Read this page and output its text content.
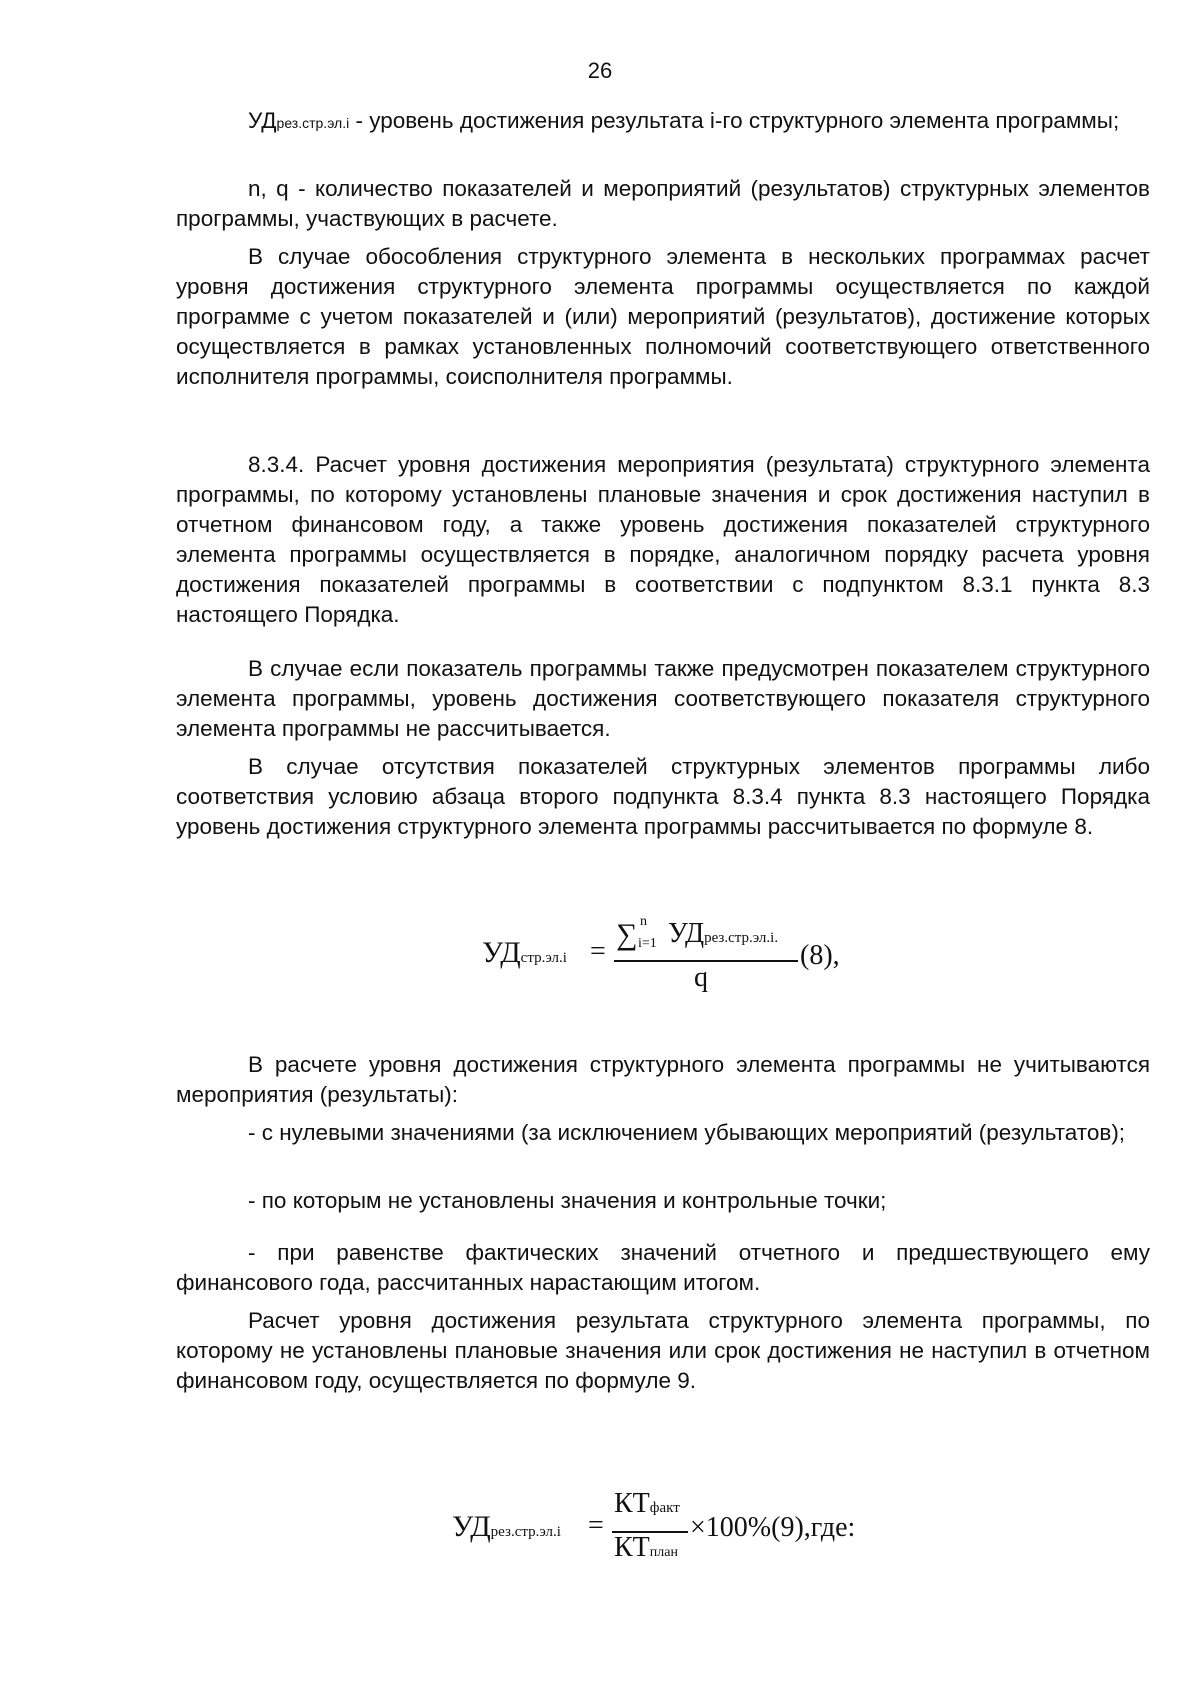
26

УДрез.стр.эл.i - уровень достижения результата i-го структурного элемента программы;

n, q - количество показателей и мероприятий (результатов) структурных элементов программы, участвующих в расчете.

В случае обособления структурного элемента в нескольких программах расчет уровня достижения структурного элемента программы осуществляется по каждой программе с учетом показателей и (или) мероприятий (результатов), достижение которых осуществляется в рамках установленных полномочий соответствующего ответственного исполнителя программы, соисполнителя программы.

8.3.4. Расчет уровня достижения мероприятия (результата) структурного элемента программы, по которому установлены плановые значения и срок достижения наступил в отчетном финансовом году, а также уровень достижения показателей структурного элемента программы осуществляется в порядке, аналогичном порядку расчета уровня достижения показателей программы в соответствии с подпунктом 8.3.1 пункта 8.3 настоящего Порядка.

В случае если показатель программы также предусмотрен показателем структурного элемента программы, уровень достижения соответствующего показателя структурного элемента программы не рассчитывается.

В случае отсутствия показателей структурных элементов программы либо соответствия условию абзаца второго подпункта 8.3.4 пункта 8.3 настоящего Порядка уровень достижения структурного элемента программы рассчитывается по формуле 8.

УДстр.эл.i =
∑ n
i=1 УДрез.стр.эл.i.
q
(8),

В расчете уровня достижения структурного элемента программы не учитываются мероприятия (результаты):

- с нулевыми значениями (за исключением убывающих мероприятий (результатов);

- по которым не установлены значения и контрольные точки;

- при равенстве фактических значений отчетного и предшествующего ему финансового года, рассчитанных нарастающим итогом.

Расчет уровня достижения результата структурного элемента программы, по которому не установлены плановые значения или срок достижения не наступил в отчетном финансовом году, осуществляется по формуле 9.

УДрез.стр.эл.i =
КТфакт
КТплан
×100%(9),где:
